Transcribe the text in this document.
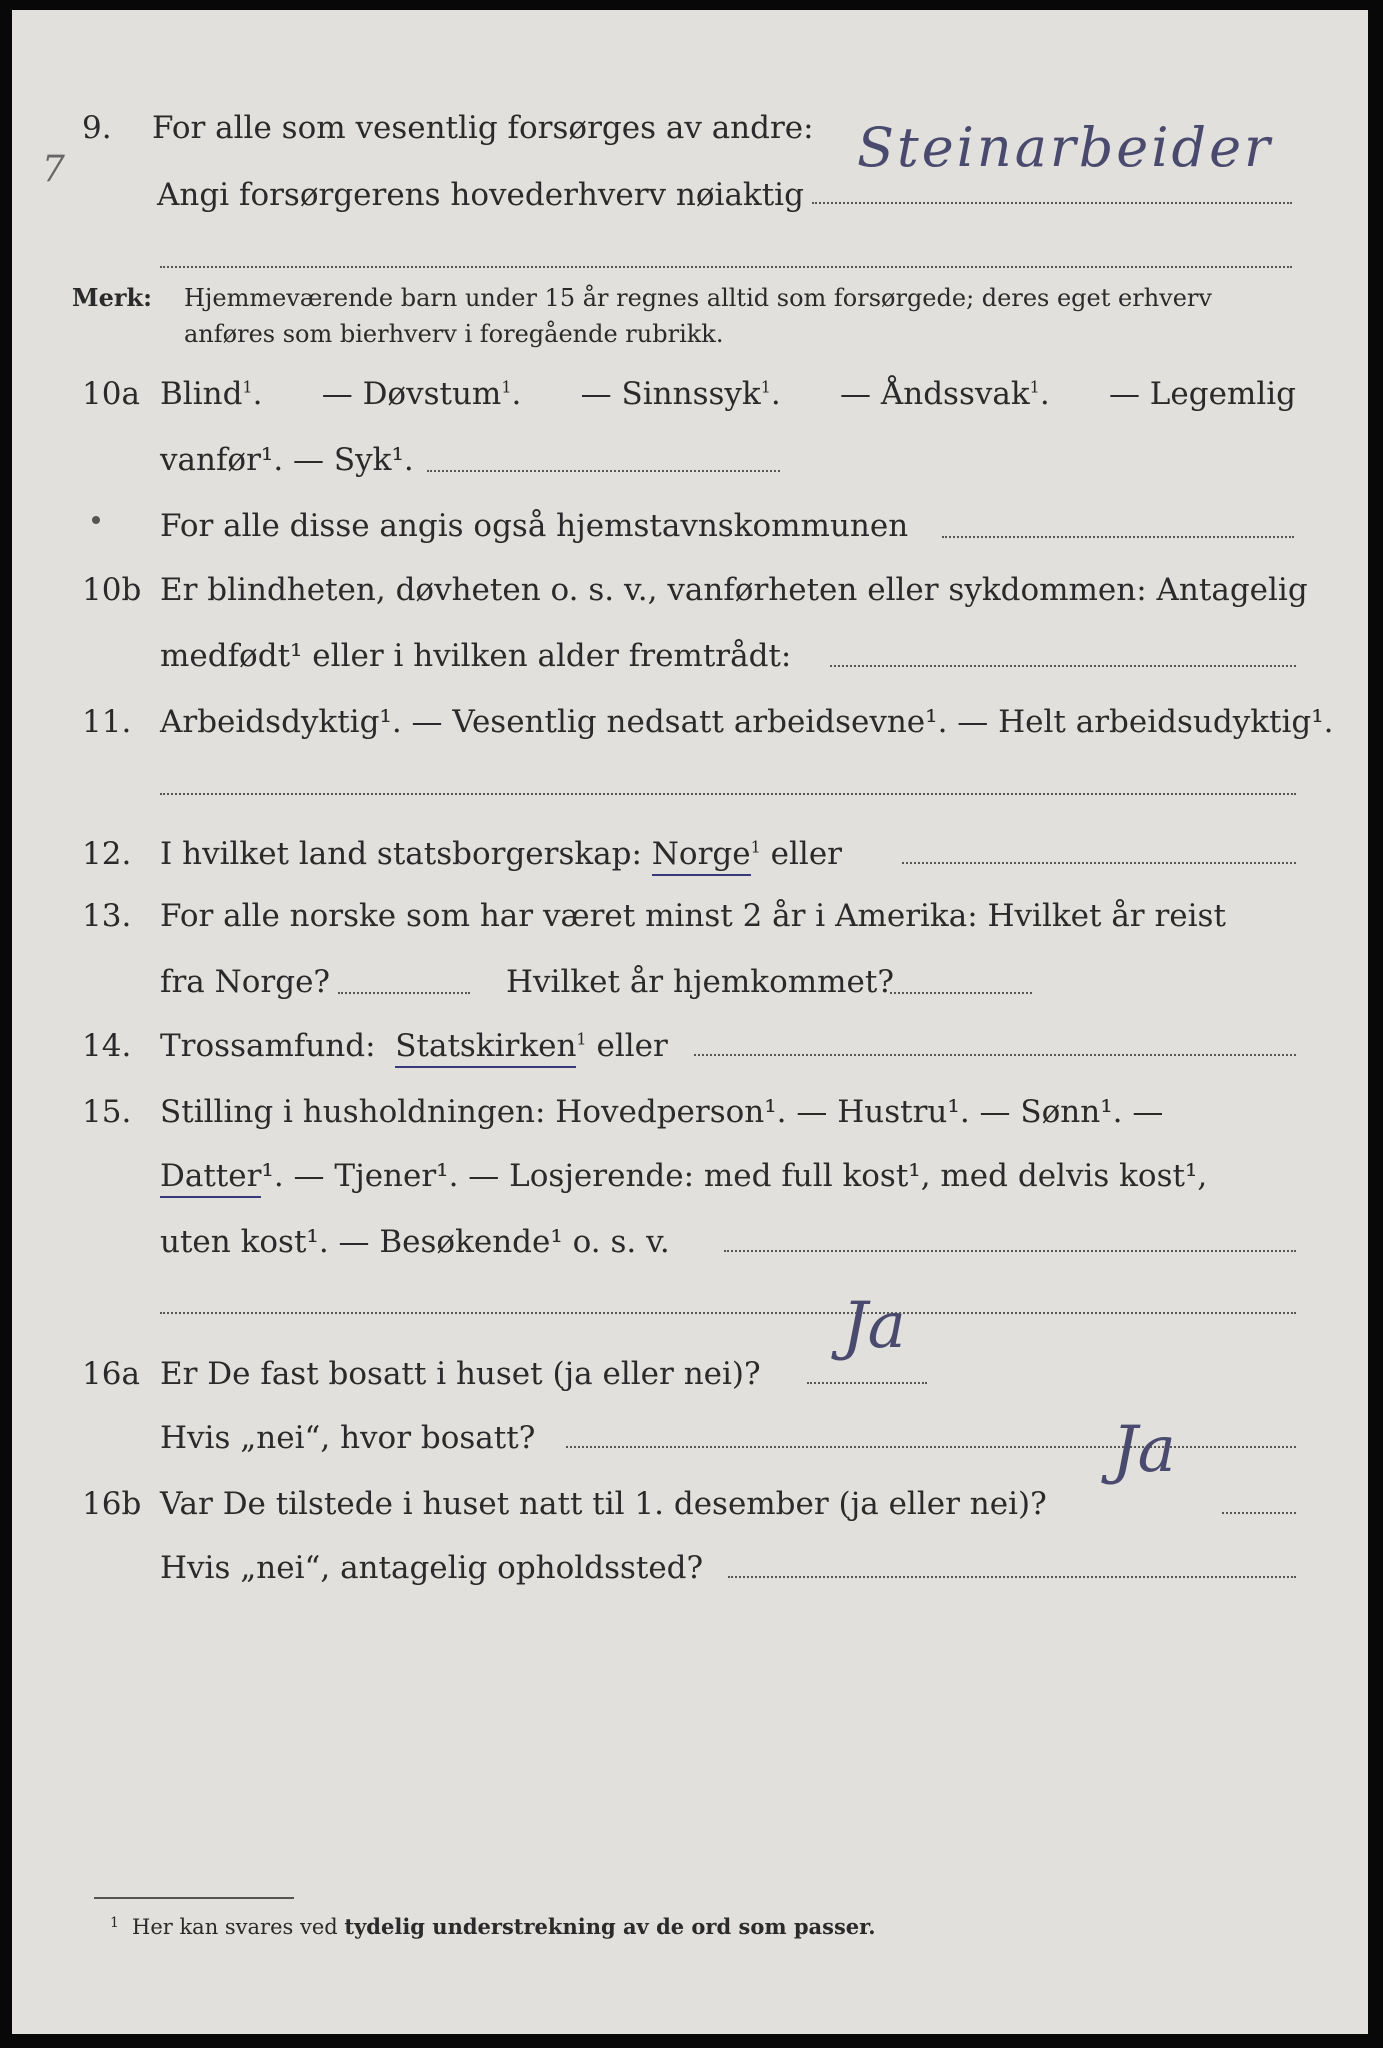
7
9. For alle som vesentlig forsørges av andre:
Angi forsørgerens hovederhverv nøiaktig
Steinarbeider
Merk: Hjemmeværende barn under 15 år regnes alltid som forsørgede; deres eget erhverv
anføres som bierhverv i foregående rubrikk.
10a Blind$^1$. — Døvstum$^1$. — Sinnssyk$^1$. — Åndssvak$^1$. — Legemlig
vanfør¹. — Syk¹.
For alle disse angis også hjemstavnskommunen
10b Er blindheten, døvheten o. s. v., vanførheten eller sykdommen: Antagelig
medfødt¹ eller i hvilken alder fremtrådt:
11. Arbeidsdyktig¹. — Vesentlig nedsatt arbeidsevne¹. — Helt arbeidsudyktig¹.
12. I hvilket land statsborgerskap: Norge$^1$ eller
13. For alle norske som har været minst 2 år i Amerika: Hvilket år reist
fra Norge?	Hvilket år hjemkommet?
14. Trossamfund: Statskirken$^1$ eller
15. Stilling i husholdningen: Hovedperson¹. — Hustru¹. — Sønn¹. —
Datter¹. — Tjener¹. — Losjerende: med full kost¹, med delvis kost¹,
uten kost¹. — Besøkende¹ o. s. v.
16a Er De fast bosatt i huset (ja eller nei)?
Hvis „nei“, hvor bosatt?
Ja
16b Var De tilstede i huset natt til 1. desember (ja eller nei)?
Hvis „nei“, antagelig opholdssted?
Ja
1 Her kan svares ved tydelig understrekning av de ord som passer.
